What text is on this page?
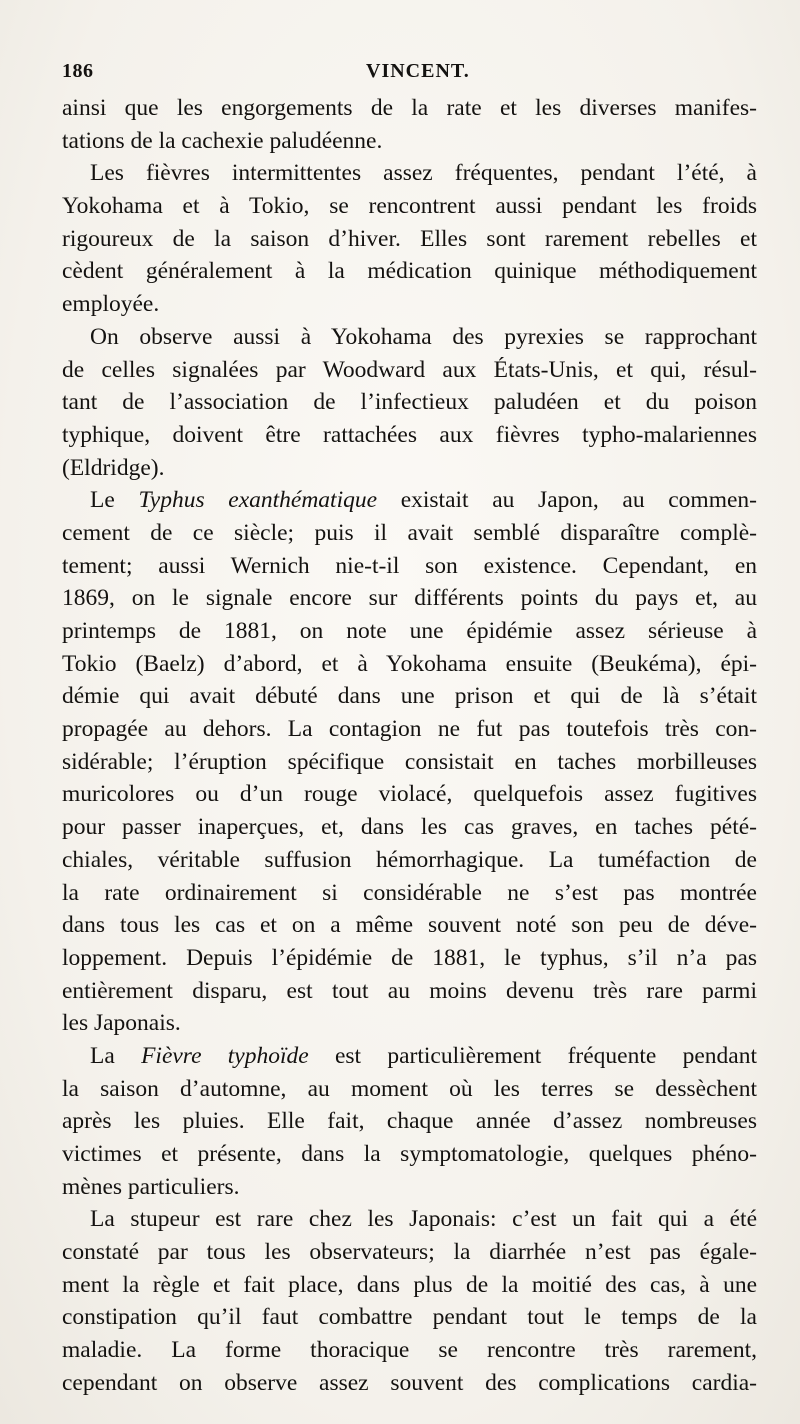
186	VINCENT.
ainsi que les engorgements de la rate et les diverses manifes-
tations de la cachexie paludéenne.
Les fièvres intermittentes assez fréquentes, pendant l’été, à
Yokohama et à Tokio, se rencontrent aussi pendant les froids
rigoureux de la saison d’hiver. Elles sont rarement rebelles et
cèdent généralement à la médication quinique méthodiquement
employée.
On observe aussi à Yokohama des pyrexies se rapprochant
de celles signalées par Woodward aux États-Unis, et qui, résul-
tant de l’association de l’infectieux paludéen et du poison
typhique, doivent être rattachées aux fièvres typho-malariennes
(Eldridge).
Le Typhus exanthématique existait au Japon, au commen-
cement de ce siècle; puis il avait semblé disparaître complè-
tement; aussi Wernich nie-t-il son existence. Cependant, en
1869, on le signale encore sur différents points du pays et, au
printemps de 1881, on note une épidémie assez sérieuse à
Tokio (Baelz) d’abord, et à Yokohama ensuite (Beukéma), épi-
démie qui avait débuté dans une prison et qui de là s’était
propagée au dehors. La contagion ne fut pas toutefois très con-
sidérable; l’éruption spécifique consistait en taches morbilleuses
muricolores ou d’un rouge violacé, quelquefois assez fugitives
pour passer inaperçues, et, dans les cas graves, en taches pété-
chiales, véritable suffusion hémorrhagique. La tuméfaction de
la rate ordinairement si considérable ne s’est pas montrée
dans tous les cas et on a même souvent noté son peu de déve-
loppement. Depuis l’épidémie de 1881, le typhus, s’il n’a pas
entièrement disparu, est tout au moins devenu très rare parmi
les Japonais.
La Fièvre typhoïde est particulièrement fréquente pendant
la saison d’automne, au moment où les terres se dessèchent
après les pluies. Elle fait, chaque année d’assez nombreuses
victimes et présente, dans la symptomatologie, quelques phéno-
mènes particuliers.
La stupeur est rare chez les Japonais: c’est un fait qui a été
constaté par tous les observateurs; la diarrhée n’est pas égale-
ment la règle et fait place, dans plus de la moitié des cas, à une
constipation qu’il faut combattre pendant tout le temps de la
maladie. La forme thoracique se rencontre très rarement,
cependant on observe assez souvent des complications cardia-
